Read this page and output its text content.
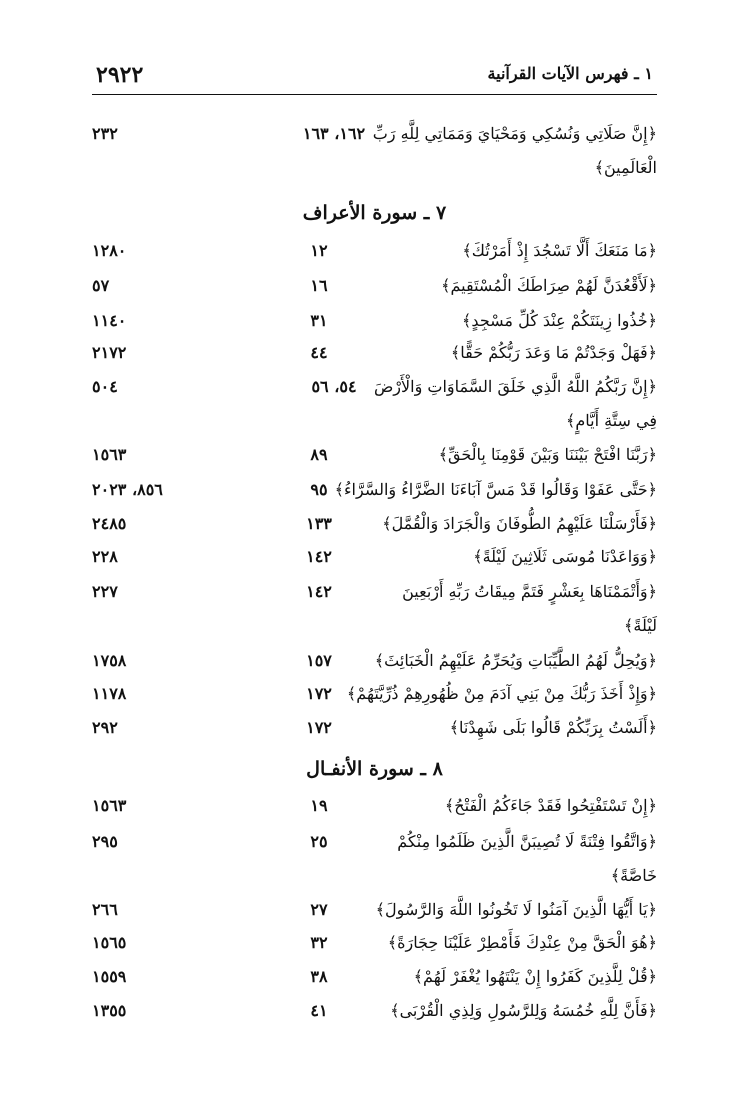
٢٩٢٢	١ ـ فهرس الآيات القرآنية
﴿إِنَّ صَلَاتِي وَنُسُكِي وَمَحْيَايَ وَمَمَاتِي لِلَّهِ رَبِّ الْعَالَمِينَ﴾
١٦٢، ١٦٣
٢٣٢
٧ ـ سورة الأعراف
﴿مَا مَنَعَكَ أَلَّا تَسْجُدَ إِذْ أَمَرْتُكَ﴾
١٢
١٢٨٠
﴿لَأَقْعُدَنَّ لَهُمْ صِرَاطَكَ الْمُسْتَقِيمَ﴾
١٦
٥٧
﴿خُذُوا زِينَتَكُمْ عِنْدَ كُلِّ مَسْجِدٍ﴾
٣١
١١٤٠
﴿فَهَلْ وَجَدْتُمْ مَا وَعَدَ رَبُّكُمْ حَقًّا﴾
٤٤
٢١٧٢
﴿إِنَّ رَبَّكُمُ اللَّهُ الَّذِي خَلَقَ السَّمَاوَاتِ وَالْأَرْضَ فِي سِتَّةِ أَيَّامٍ﴾
٥٤، ٥٦
٥٠٤
﴿رَبَّنَا افْتَحْ بَيْنَنَا وَبَيْنَ قَوْمِنَا بِالْحَقِّ﴾
٨٩
١٥٦٣
﴿حَتَّى عَفَوْا وَقَالُوا قَدْ مَسَّ آبَاءَنَا الضَّرَّاءُ وَالسَّرَّاءُ﴾
٩٥
٨٥٦، ٢٠٢٣
﴿فَأَرْسَلْنَا عَلَيْهِمُ الطُّوفَانَ وَالْجَرَادَ وَالْقُمَّلَ﴾
١٣٣
٢٤٨٥
﴿وَوَاعَدْنَا مُوسَى ثَلَاثِينَ لَيْلَةً﴾
١٤٢
٢٢٨
﴿وَأَتْمَمْنَاهَا بِعَشْرٍ فَتَمَّ مِيقَاتُ رَبِّهِ أَرْبَعِينَ لَيْلَةً﴾
١٤٢
٢٢٧
﴿وَيُحِلُّ لَهُمُ الطَّيِّبَاتِ وَيُحَرِّمُ عَلَيْهِمُ الْخَبَائِثَ﴾
١٥٧
١٧٥٨
﴿وَإِذْ أَخَذَ رَبُّكَ مِنْ بَنِي آدَمَ مِنْ ظُهُورِهِمْ ذُرِّيَّتَهُمْ﴾
١٧٢
١١٧٨
﴿أَلَسْتُ بِرَبِّكُمْ قَالُوا بَلَى شَهِدْنَا﴾
١٧٢
٢٩٢
٨ ـ سورة الأنفـال
﴿إِنْ تَسْتَفْتِحُوا فَقَدْ جَاءَكُمُ الْفَتْحُ﴾
١٩
١٥٦٣
﴿وَاتَّقُوا فِتْنَةً لَا تُصِيبَنَّ الَّذِينَ ظَلَمُوا مِنْكُمْ خَاصَّةً﴾
٢٥
٢٩٥
﴿يَا أَيُّهَا الَّذِينَ آمَنُوا لَا تَخُونُوا اللَّهَ وَالرَّسُولَ﴾
٢٧
٢٦٦
﴿هُوَ الْحَقَّ مِنْ عِنْدِكَ فَأَمْطِرْ عَلَيْنَا حِجَارَةً﴾
٣٢
١٥٦٥
﴿قُلْ لِلَّذِينَ كَفَرُوا إِنْ يَنْتَهُوا يُغْفَرْ لَهُمْ﴾
٣٨
١٥٥٩
﴿فَأَنَّ لِلَّهِ خُمُسَهُ وَلِلرَّسُولِ وَلِذِي الْقُرْبَى﴾
٤١
١٣٥٥
